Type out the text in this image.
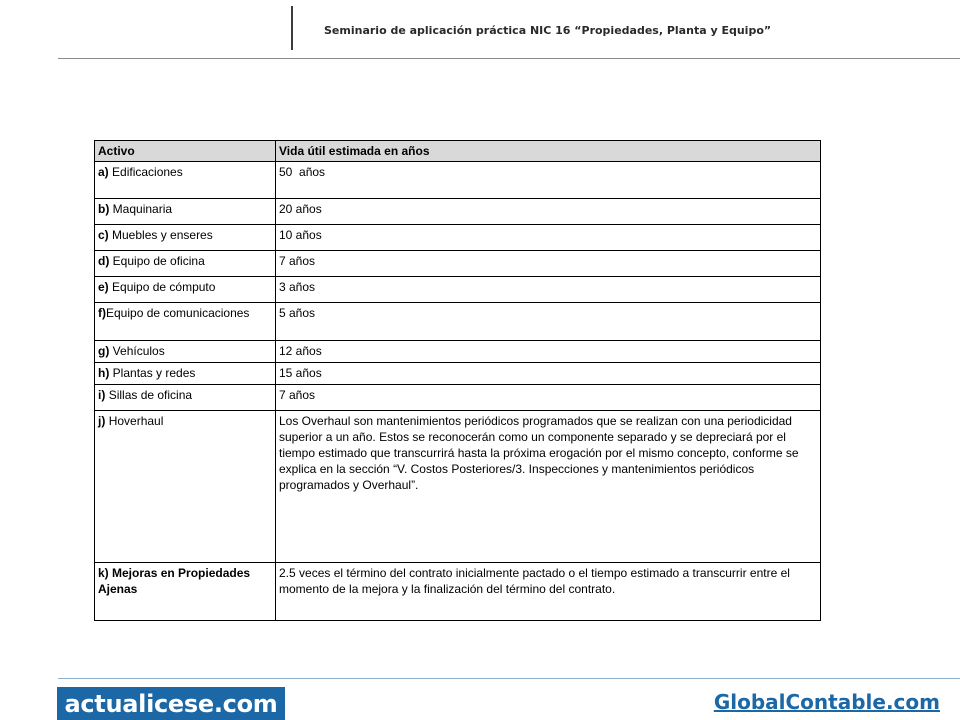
Seminario de aplicación práctica NIC 16 “Propiedades, Planta y Equipo”
Activo	Vida útil estimada en años
a) Edificaciones	50  años
b) Maquinaria	20 años
c) Muebles y enseres	10 años
d) Equipo de oficina	7 años
e) Equipo de cómputo	3 años
f)Equipo de comunicaciones	5 años
g) Vehículos	12 años
h) Plantas y redes	15 años
i) Sillas de oficina	7 años
j) Hoverhaul	Los Overhaul son mantenimientos periódicos programados que se realizan con una periodicidad superior a un año. Estos se reconocerán como un componente separado y se depreciará por el tiempo estimado que transcurrirá hasta la próxima erogación por el mismo concepto, conforme se explica en la sección “V. Costos Posteriores/3. Inspecciones y mantenimientos periódicos programados y Overhaul”.
k) Mejoras en Propiedades Ajenas	2.5 veces el término del contrato inicialmente pactado o el tiempo estimado a transcurrir entre el momento de la mejora y la finalización del término del contrato.
actualicese.com	GlobalContable.com
